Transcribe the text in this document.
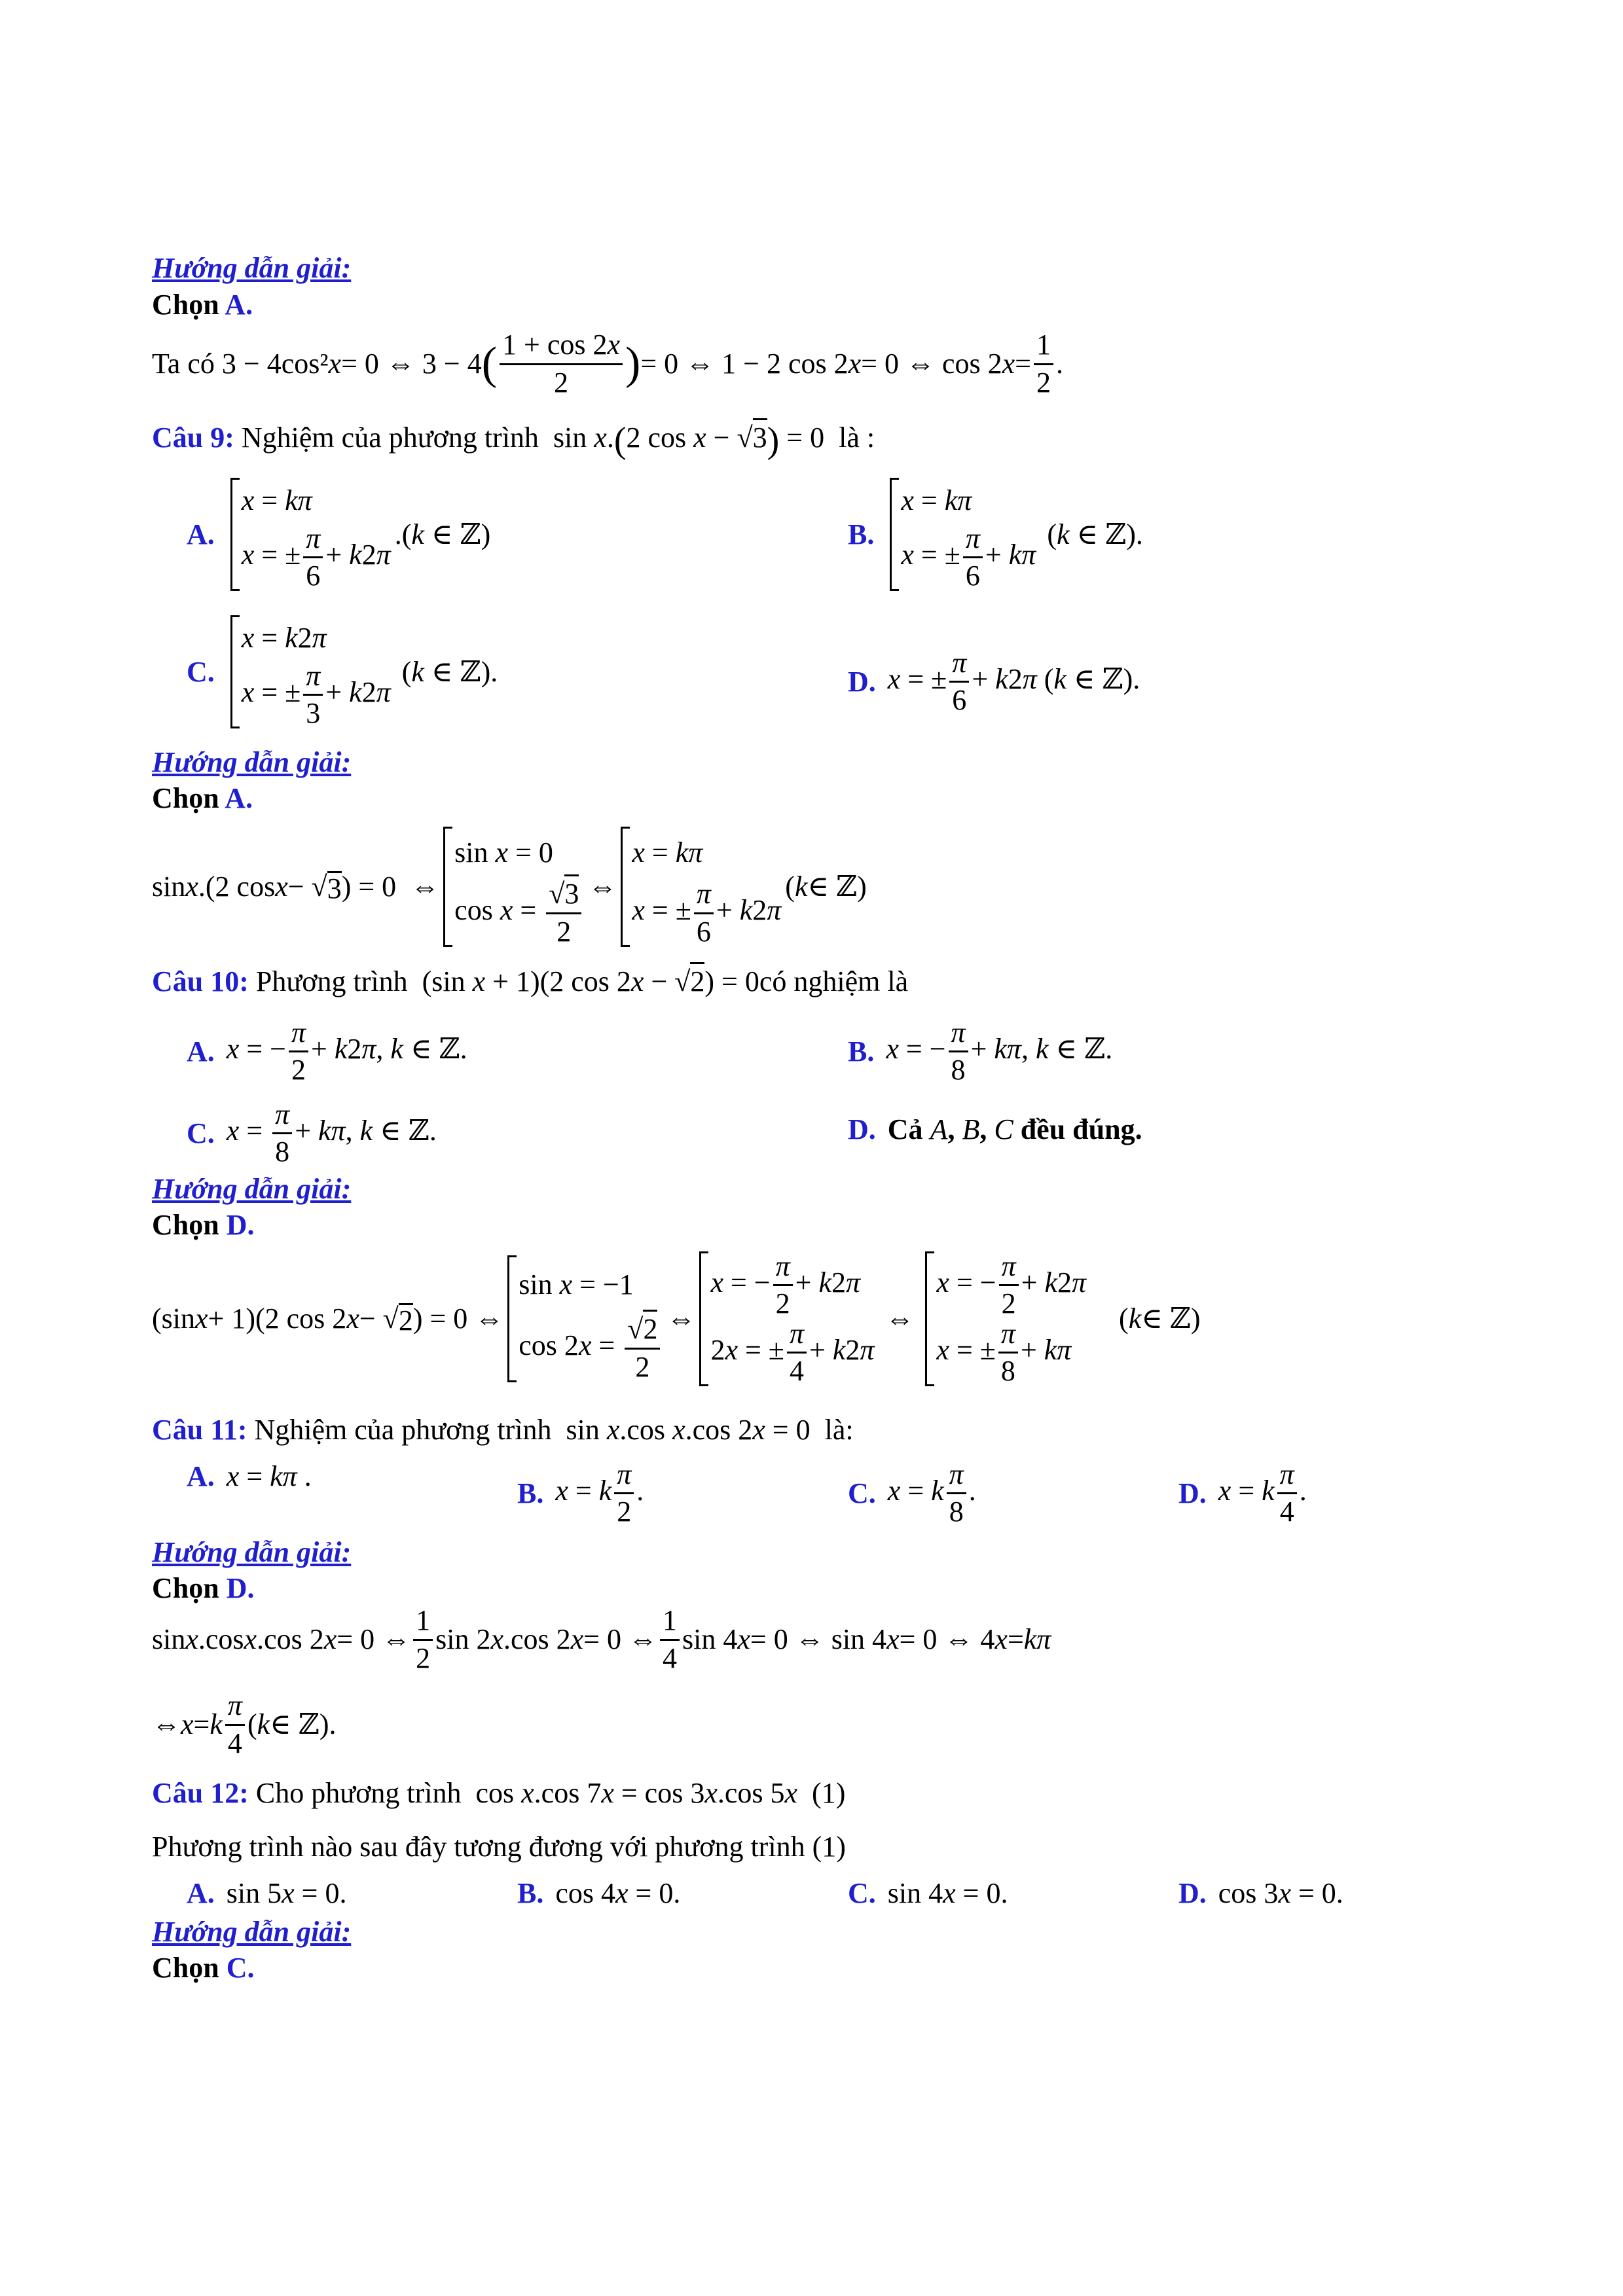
Hướng dẫn giải:
Chọn A.
Ta có 3 − 4cos² x = 0 ⇔ 3 − 4 ( 1 + cos 2x
2	) = 0 ⇔ 1 − 2 cos 2 x = 0 ⇔ cos 2 x =
1
2
.
Câu 9: Nghiệm của phương trình  sin x.(2 cos x − √3) = 0  là :
A.
x = kπ
x = ± $\frac{\pi}{6} + k2\pi$
.(k ∈ ℤ)	B.
x = kπ
x = ± $\frac{\pi}{6} + k\pi$
(k ∈ ℤ).
C.
x = k2π
x = ± $\frac{\pi}{3} + k2\pi$
(k ∈ ℤ).	D. x = ± $\frac{\pi}{6} + k2\pi$ (k ∈ ℤ).
Hướng dẫn giải:
Chọn A.
sin x .(2 cos x − √ 3 ) = 0  ⇔
sin x = 0
$\cos x = \frac{√3}{2}$ ⇔
x = kπ
x = ± $\frac{\pi}{6} + k2\pi$
( k ∈ ℤ)
Câu 10: Phương trình  (sin x + 1)(2 cos 2x − √2) = 0có nghiệm là
A. x = − $\frac{\pi}{2} + k2\pi$, k ∈ ℤ.	B. x = − $\frac{\pi}{8} + k\pi$, k ∈ ℤ.
C. $x = \frac{\pi}{8} + k\pi$, k ∈ ℤ.	D. Cả A, B, C đều đúng.
Hướng dẫn giải:
Chọn D.
(sin x + 1)(2 cos 2 x − √ 2 ) = 0 ⇔
sin x = −1
$\cos 2x = \frac{√2}{2}$ ⇔
x = − $\frac{\pi}{2} + k2\pi$
2x = ± $\frac{\pi}{4} + k2\pi$
⇔
x = − $\frac{\pi}{2} + k2\pi$
x = ± $\frac{\pi}{8} + k\pi$
( k ∈ ℤ)
Câu 11: Nghiệm của phương trình  sin x.cos x.cos 2x = 0  là:
A. x = kπ .
B. x = k $\frac{\pi}{2}$ .	C. x = k $\frac{\pi}{8}$ .	D. x = k $\frac{\pi}{4}$ .
Hướng dẫn giải:
Chọn D.
sin x .cos x .cos 2 x = 0 ⇔
1
2
sin 2 x .cos 2 x = 0 ⇔
1
4
sin 4 x = 0 ⇔ sin 4 x = 0 ⇔ 4 x = kπ
⇔ x = k
π
4
( k ∈ ℤ).
Câu 12: Cho phương trình  cos x.cos 7x = cos 3x.cos 5x  (1)
Phương trình nào sau đây tương đương với phương trình (1)
A. sin 5x = 0.	B. cos 4x = 0.	C. sin 4x = 0.	D. cos 3x = 0.
Hướng dẫn giải:
Chọn C.
